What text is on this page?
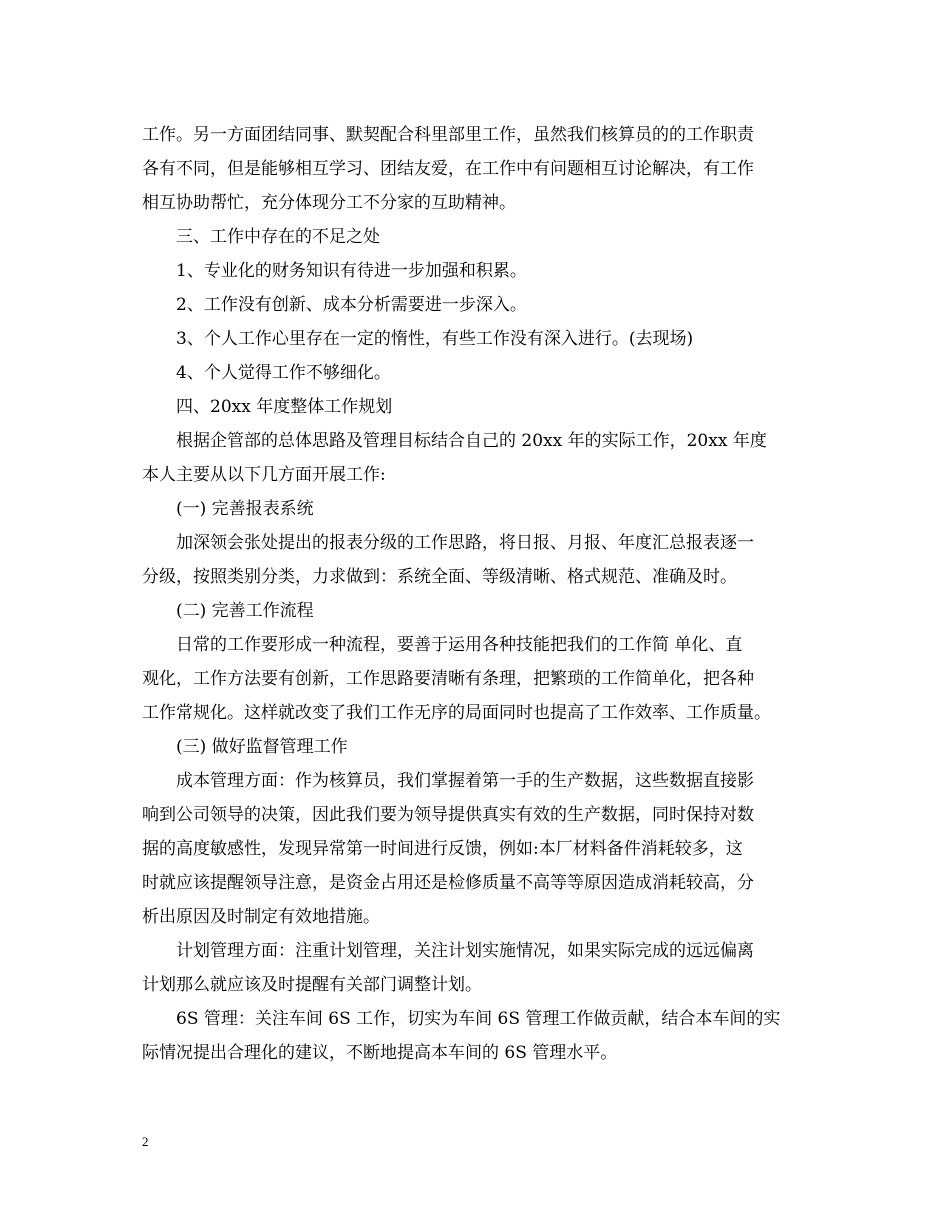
工作。另一方面团结同事、默契配合科里部里工作，虽然我们核算员的的工作职责
各有不同，但是能够相互学习、团结友爱，在工作中有问题相互讨论解决，有工作
相互协助帮忙，充分体现分工不分家的互助精神。
三、工作中存在的不足之处
1、专业化的财务知识有待进一步加强和积累。
2、工作没有创新、成本分析需要进一步深入。
3、个人工作心里存在一定的惰性，有些工作没有深入进行。(去现场)
4、个人觉得工作不够细化。
四、20xx 年度整体工作规划
根据企管部的总体思路及管理目标结合自己的 20xx 年的实际工作，20xx 年度
本人主要从以下几方面开展工作:
(一) 完善报表系统
加深领会张处提出的报表分级的工作思路，将日报、月报、年度汇总报表逐一
分级，按照类别分类，力求做到：系统全面、等级清晰、格式规范、准确及时。
(二) 完善工作流程
日常的工作要形成一种流程，要善于运用各种技能把我们的工作简 单化、直
观化，工作方法要有创新，工作思路要清晰有条理，把繁琐的工作简单化，把各种
工作常规化。这样就改变了我们工作无序的局面同时也提高了工作效率、工作质量。
(三) 做好监督管理工作
成本管理方面：作为核算员，我们掌握着第一手的生产数据，这些数据直接影
响到公司领导的决策，因此我们要为领导提供真实有效的生产数据，同时保持对数
据的高度敏感性，发现异常第一时间进行反馈，例如:本厂材料备件消耗较多，这
时就应该提醒领导注意，是资金占用还是检修质量不高等等原因造成消耗较高，分
析出原因及时制定有效地措施。
计划管理方面：注重计划管理，关注计划实施情况，如果实际完成的远远偏离
计划那么就应该及时提醒有关部门调整计划。
6S 管理：关注车间 6S 工作，切实为车间 6S 管理工作做贡献，结合本车间的实
际情况提出合理化的建议，不断地提高本车间的 6S 管理水平。
2
